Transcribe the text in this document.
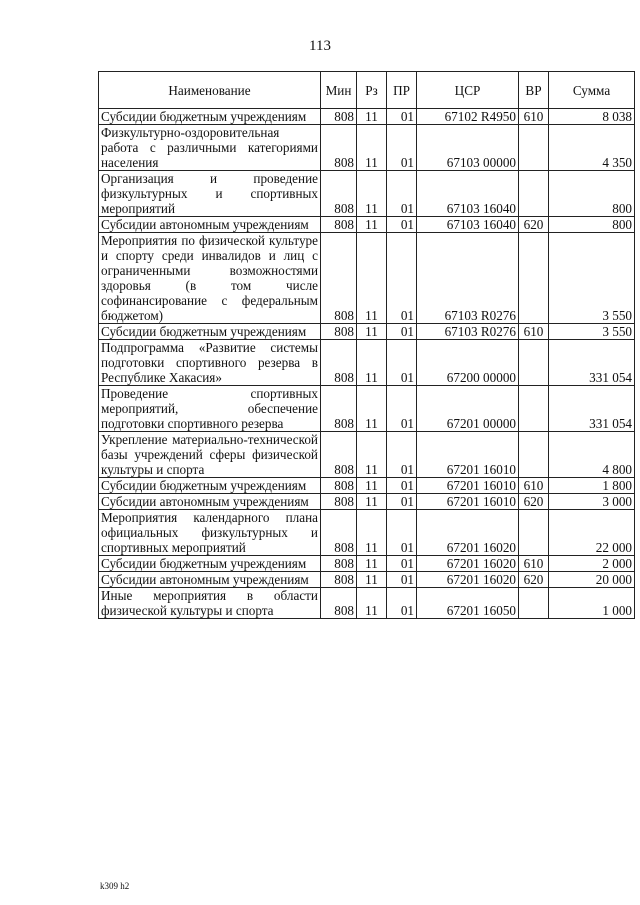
113
Наименование	Мин	Рз	ПР	ЦСР	ВР	Сумма
Субсидии бюджетным учреждениям	808	11	01	67102 R4950	610	8 038
Физкультурно-оздоровительная работа с различными категориями населения	808	11	01	67103 00000		4 350
Организация и проведение физкультурных и спортивных мероприятий	808	11	01	67103 16040		800
Субсидии автономным учреждениям	808	11	01	67103 16040	620	800
Мероприятия по физической культуре и спорту среди инвалидов и лиц с ограниченными возможностями здоровья (в том числе софинансирование с федеральным бюджетом)	808	11	01	67103 R0276		3 550
Субсидии бюджетным учреждениям	808	11	01	67103 R0276	610	3 550
Подпрограмма «Развитие системы подготовки спортивного резерва в Республике Хакасия»	808	11	01	67200 00000		331 054
Проведение спортивных мероприятий, обеспечение подготовки спортивного резерва	808	11	01	67201 00000		331 054
Укрепление материально-технической базы учреждений сферы физической культуры и спорта	808	11	01	67201 16010		4 800
Субсидии бюджетным учреждениям	808	11	01	67201 16010	610	1 800
Субсидии автономным учреждениям	808	11	01	67201 16010	620	3 000
Мероприятия календарного плана официальных физкультурных и спортивных мероприятий	808	11	01	67201 16020		22 000
Субсидии бюджетным учреждениям	808	11	01	67201 16020	610	2 000
Субсидии автономным учреждениям	808	11	01	67201 16020	620	20 000
Иные мероприятия в области физической культуры и спорта	808	11	01	67201 16050		1 000
k309 h2
